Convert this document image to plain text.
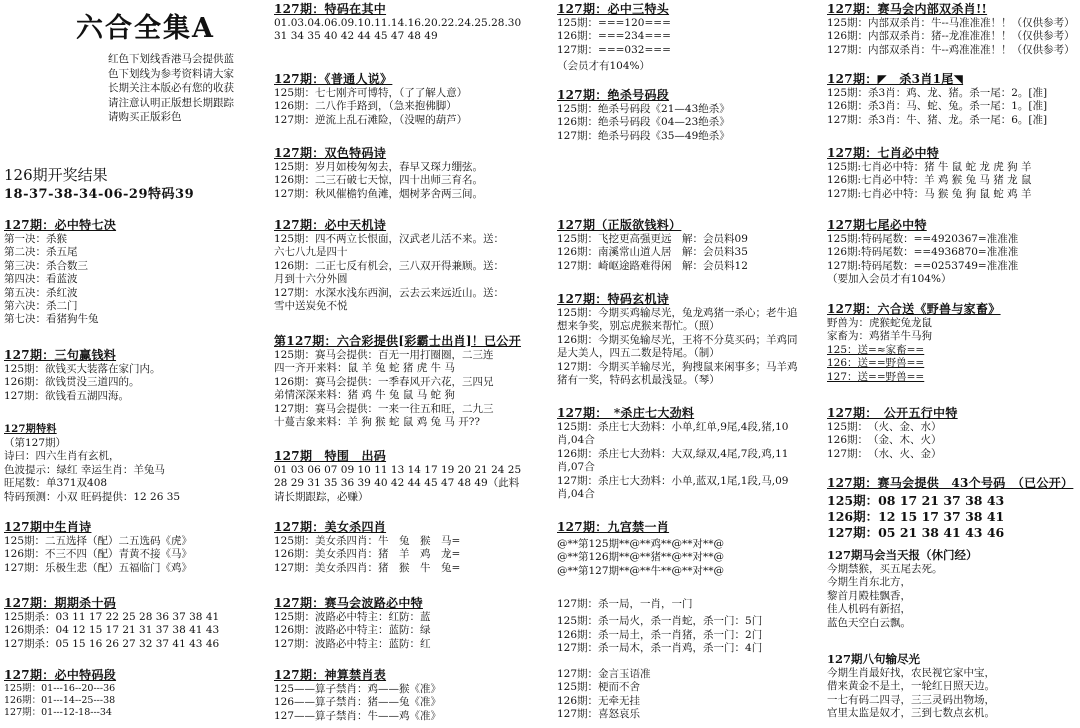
六合全集A
红色下划线香港马会提供蓝色下划线为参考资料请大家长期关注本版必有您的收获请注意认明正版想长期跟踪请购买正版彩色
126期开奖结果
18-37-38-34-06-29特码39
127期：必中特七决
第一决：杀猴
第二决：杀五尾
第三决：杀合数三
第四决：看蓝波
第五决：杀红波
第六决：杀二门
第七决：看猪狗牛兔
127期：三句赢钱料
125期：欲钱买大装落在家门内。
126期：欲钱贯没三道四的。
127期：欲钱看五湖四海。
127期特料
（第127期）
诗曰：四六生肖有玄机，
色波提示：绿红 幸运生肖：羊兔马
旺尾数：单371双408
特码预测：小双 旺码提供：12 26 35
127期中生肖诗
125期：二五选择（配）二五选码《虎》
126期：不三不四（配）青黄不接《马》
127期：乐极生悲（配）五福临门《鸡》
127期：期期杀十码
125期杀：03 11 17 22 25 28 36 37 38 41
126期杀：04 12 15 17 21 31 37 38 41 43
127期杀：05 15 16 26 27 32 37 41 43 46
127期：必中特码段
125期：01---16--20---36
126期：01---14--25---38
127期：01---12-18---34
127期：特码在其中
01.03.04.06.09.10.11.14.16.20.22.24.25.28.30
31 34 35 40 42 44 45 47 48 49
127期：《普通人说》
125期：七七刚齐可博特，（了了解人意）
126期：二八作手路到，（急来抱佛脚）
127期：逆流上乱石滩险，（没喔的葫芦）
127期：双色特码诗
125期：岁月如梭匆匆去，春早又琛力绷弦。
126期：二三石破七天惊，四十出师三育名。
127期：秋风催檐钓鱼滩，烟树茅舍两三间。
127期：必中天机诗
125期：四不两立长恨面，汉武老儿活不来。送：
六七八九是四十
126期：二正七反有机会，三八双开得兼顾。送：
月到十六分外圆
127期：水深水浅东西涧，云去云来远近山。送：
雪中送炭免不悦
第127期：六合彩提供[彩霸士出肖]！已公开
125期：赛马会提供：百无一用打圈圈，二三连
四一齐开来料：鼠 羊 兔 蛇 猪 虎 牛 马
126期：赛马会提供：一季春风开六花，三四兄
弟情深深来料：猪 鸡 牛 兔 鼠 马 蛇 狗
127期：赛马会提供：一来一往五和旺，二九三
十蔓吉象来料：羊 狗 猴 蛇 鼠 鸡 兔 马 开??
127期　特围　出码
01 03 06 07 09 10 11 13 14 17 19 20 21 24 25
28 29 31 35 36 39 40 42 44 45 47 48 49（此料
请长期跟踪，必赚）
127期：美女杀四肖
125期：美女杀四肖：牛　兔　猴　马=
126期：美女杀四肖：猪　羊　鸡　龙=
127期：美女杀四肖：猪　猴　牛　兔=
127期：赛马会波路必中特
125期：波路必中特主：红防：蓝
126期：波路必中特主：蓝防：绿
127期：波路必中特主：蓝防：红
127期：神算禁肖表
125——算子禁肖：鸡——猴《准》
126——算子禁肖：猪——兔《准》
127——算子禁肖：牛——鸡《准》
127期：必中三特头
125期：===120===
126期：===234===
127期：===032===
（会员才有104%）
127期：绝杀号码段
125期：绝杀号码段《21—43绝杀》
126期：绝杀号码段《04—23绝杀》
127期：绝杀号码段《35—49绝杀》
127期（正版欲钱料）
125期：飞挖更高强更远　解：会员料09
126期：南溪常山道人居　解：会员料35
127期：崎岖途路难得闲　解：会员料12
127期：特码玄机诗
125期：今期买鸡输尽光，兔龙鸡猪一杀心；老牛追
想来争奖，别忘虎猴来帮忙。（照）
126期：今期买兔输尽光，王将不分莫买码；羊鸡同
是大美人，四五二数是特尾。（制）
127期：今期买羊输尽光，狗搜鼠来闲事多；马羊鸡
猪有一奖，特码玄机最浅显。（琴）
127期：　*杀庄七大劲料
125期：杀庄七大劲料：小单,红单,9尾,4段,猪,10
肖,04合
126期：杀庄七大劲料：大双,绿双,4尾,7段,鸡,11
肖,07合
127期：杀庄七大劲料：小单,蓝双,1尾,1段,马,09
肖,04合
127期：九宫禁一肖
@**第125期**@**鸡**@**对**@
@**第126期**@**猪**@**对**@
@**第127期**@**牛**@**对**@
127期：杀一局，一肖，一门
125期：杀一局火，杀一肖蛇，杀一门：5门
126期：杀一局土，杀一肖猪，杀一门：2门
127期：杀一局木，杀一肖鸡，杀一门：4门
127期：金言玉语准
125期：梗而不舍
126期：无牵无挂
127期：喜怒哀乐
127期：赛马会内部双杀肖!!
125期：内部双杀肖：牛--马准准准！！（仅供参考）
126期：内部双杀肖：猪--龙准准准！！（仅供参考）
127期：内部双杀肖：牛--鸡准准准！！（仅供参考）
127期：◤　杀3肖1尾◥
125期：杀3肖：鸡、龙、猪。杀一尾：2。[准]
126期：杀3肖：马、蛇、兔。杀一尾：1。[准]
127期：杀3肖：牛、猪、龙。杀一尾：6。[准]
127期：七肖必中特
125期:七肖必中特：猪 牛 鼠 蛇 龙 虎 狗 羊
126期:七肖必中特：羊 鸡 猴 兔 马 猪 龙 鼠
127期:七肖必中特：马 猴 兔 狗 鼠 蛇 鸡 羊
127期七尾必中特
125期:特码尾数：==4920367=准准准
126期:特码尾数：==4936870=准准准
127期:特码尾数：==0253749=准准准
（要加入会员才有104%）
127期：六合送《野兽与家畜》
野兽为：虎猴蛇兔龙鼠
家畜为：鸡猪羊牛马狗
125：送=≈家畜==
126：送==野兽==
127：送==野兽==
127期：　公开五行中特
125期：　（火、金、水）
126期：　（金、木、火）
127期：　（水、火、金）
127期：赛马会提供　43个号码　（已公开）
125期：08 17 21 37 38 43
126期：12 15 17 37 38 41
127期：05 21 38 41 43 46
127期马会当天报（休门经）
今期禁猴，买五尾去死。
今期生肖东北方，
黎首月殿桂飘香，
佳人机码有新招，
蓝色天空白云飘。
127期八句输尽光
今期生肖最好找，农民视它家中宝，
借来黄金不是土，一轮红日照天边。
一七有码二四寻，三三灵码出物场，
官里太监是奴才，三到七数点玄机。
